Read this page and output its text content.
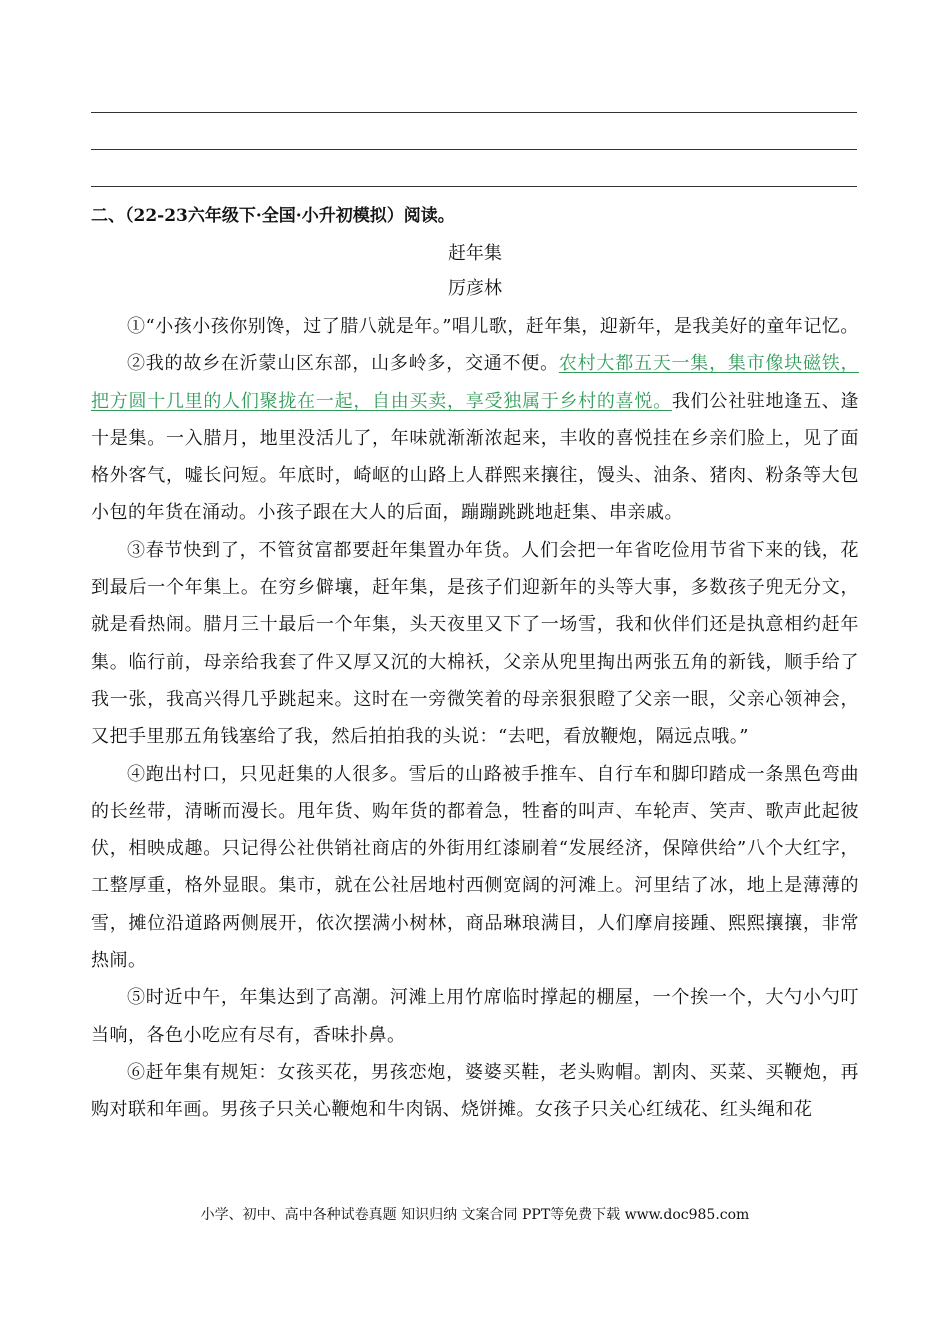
二、（22-23六年级下·全国·小升初模拟）阅读。
赶年集
厉彦林

①“小孩小孩你别馋，过了腊八就是年。”唱儿歌，赶年集，迎新年，是我美好的童年记忆。

②我的故乡在沂蒙山区东部，山多岭多，交通不便。农村大都五天一集，集市像块磁铁，把方圆十几里的人们聚拢在一起，自由买卖，享受独属于乡村的喜悦。我们公社驻地逢五、逢十是集。一入腊月，地里没活儿了，年味就渐渐浓起来，丰收的喜悦挂在乡亲们脸上，见了面格外客气，嘘长问短。年底时，崎岖的山路上人群熙来攘往，馒头、油条、猪肉、粉条等大包小包的年货在涌动。小孩子跟在大人的后面，蹦蹦跳跳地赶集、串亲戚。

③春节快到了，不管贫富都要赶年集置办年货。人们会把一年省吃俭用节省下来的钱，花到最后一个年集上。在穷乡僻壤，赶年集，是孩子们迎新年的头等大事，多数孩子兜无分文，就是看热闹。腊月三十最后一个年集，头天夜里又下了一场雪，我和伙伴们还是执意相约赶年集。临行前，母亲给我套了件又厚又沉的大棉袄，父亲从兜里掏出两张五角的新钱，顺手给了我一张，我高兴得几乎跳起来。这时在一旁微笑着的母亲狠狠瞪了父亲一眼，父亲心领神会，又把手里那五角钱塞给了我，然后拍拍我的头说：“去吧，看放鞭炮，隔远点哦。”

④跑出村口，只见赶集的人很多。雪后的山路被手推车、自行车和脚印踏成一条黑色弯曲的长丝带，清晰而漫长。甩年货、购年货的都着急，牲畜的叫声、车轮声、笑声、歌声此起彼伏，相映成趣。只记得公社供销社商店的外街用红漆刷着“发展经济，保障供给”八个大红字，工整厚重，格外显眼。集市，就在公社居地村西侧宽阔的河滩上。河里结了冰，地上是薄薄的雪，摊位沿道路两侧展开，依次摆满小树林，商品琳琅满目，人们摩肩接踵、熙熙攘攘，非常热闹。

⑤时近中午，年集达到了高潮。河滩上用竹席临时撑起的棚屋，一个挨一个，大勺小勺叮当响，各色小吃应有尽有，香味扑鼻。

⑥赶年集有规矩：女孩买花，男孩恋炮，婆婆买鞋，老头购帽。割肉、买菜、买鞭炮，再购对联和年画。男孩子只关心鞭炮和牛肉锅、烧饼摊。女孩子只关心红绒花、红头绳和花

小学、初中、高中各种试卷真题 知识归纳 文案合同 PPT等免费下载 www.doc985.com
